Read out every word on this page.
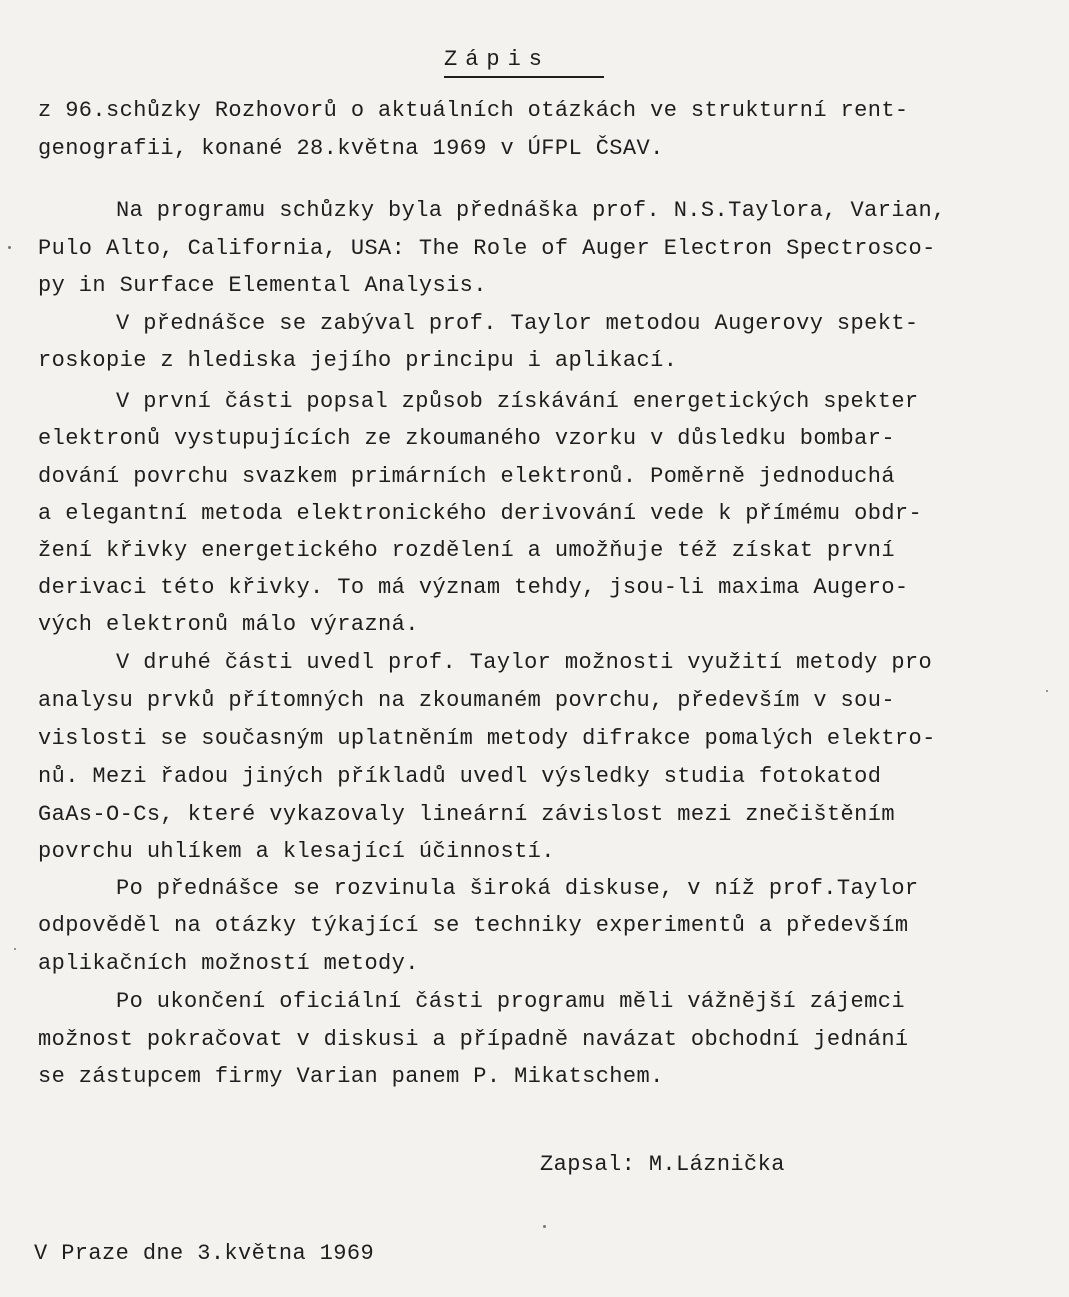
Zápis
z 96.schůzky Rozhovorů o aktuálních otázkách ve strukturní rent-
genografii, konané 28.května 1969 v ÚFPL ČSAV.
Na programu schůzky byla přednáška prof. N.S.Taylora, Varian,
Pulo Alto, California, USA: The Role of Auger Electron Spectrosco-
py in Surface Elemental Analysis.
V přednášce se zabýval prof. Taylor metodou Augerovy spekt-
roskopie z hlediska jejího principu i aplikací.
V první části popsal způsob získávání energetických spekter
elektronů vystupujících ze zkoumaného vzorku v důsledku bombar-
dování povrchu svazkem primárních elektronů. Poměrně jednoduchá
a elegantní metoda elektronického derivování vede k přímému obdr-
žení křivky energetického rozdělení a umožňuje též získat první
derivaci této křivky. To má význam tehdy, jsou-li maxima Augero-
vých elektronů málo výrazná.
V druhé části uvedl prof. Taylor možnosti využití metody pro
analysu prvků přítomných na zkoumaném povrchu, především v sou-
vislosti se současným uplatněním metody difrakce pomalých elektro-
nů. Mezi řadou jiných příkladů uvedl výsledky studia fotokatod
GaAs-O-Cs, které vykazovaly lineární závislost mezi znečištěním
povrchu uhlíkem a klesající účinností.
Po přednášce se rozvinula široká diskuse, v níž prof.Taylor
odpověděl na otázky týkající se techniky experimentů a především
aplikačních možností metody.
Po ukončení oficiální části programu měli vážnější zájemci
možnost pokračovat v diskusi a případně navázat obchodní jednání
se zástupcem firmy Varian panem P. Mikatschem.
Zapsal: M.Láznička
V Praze dne 3.května 1969
